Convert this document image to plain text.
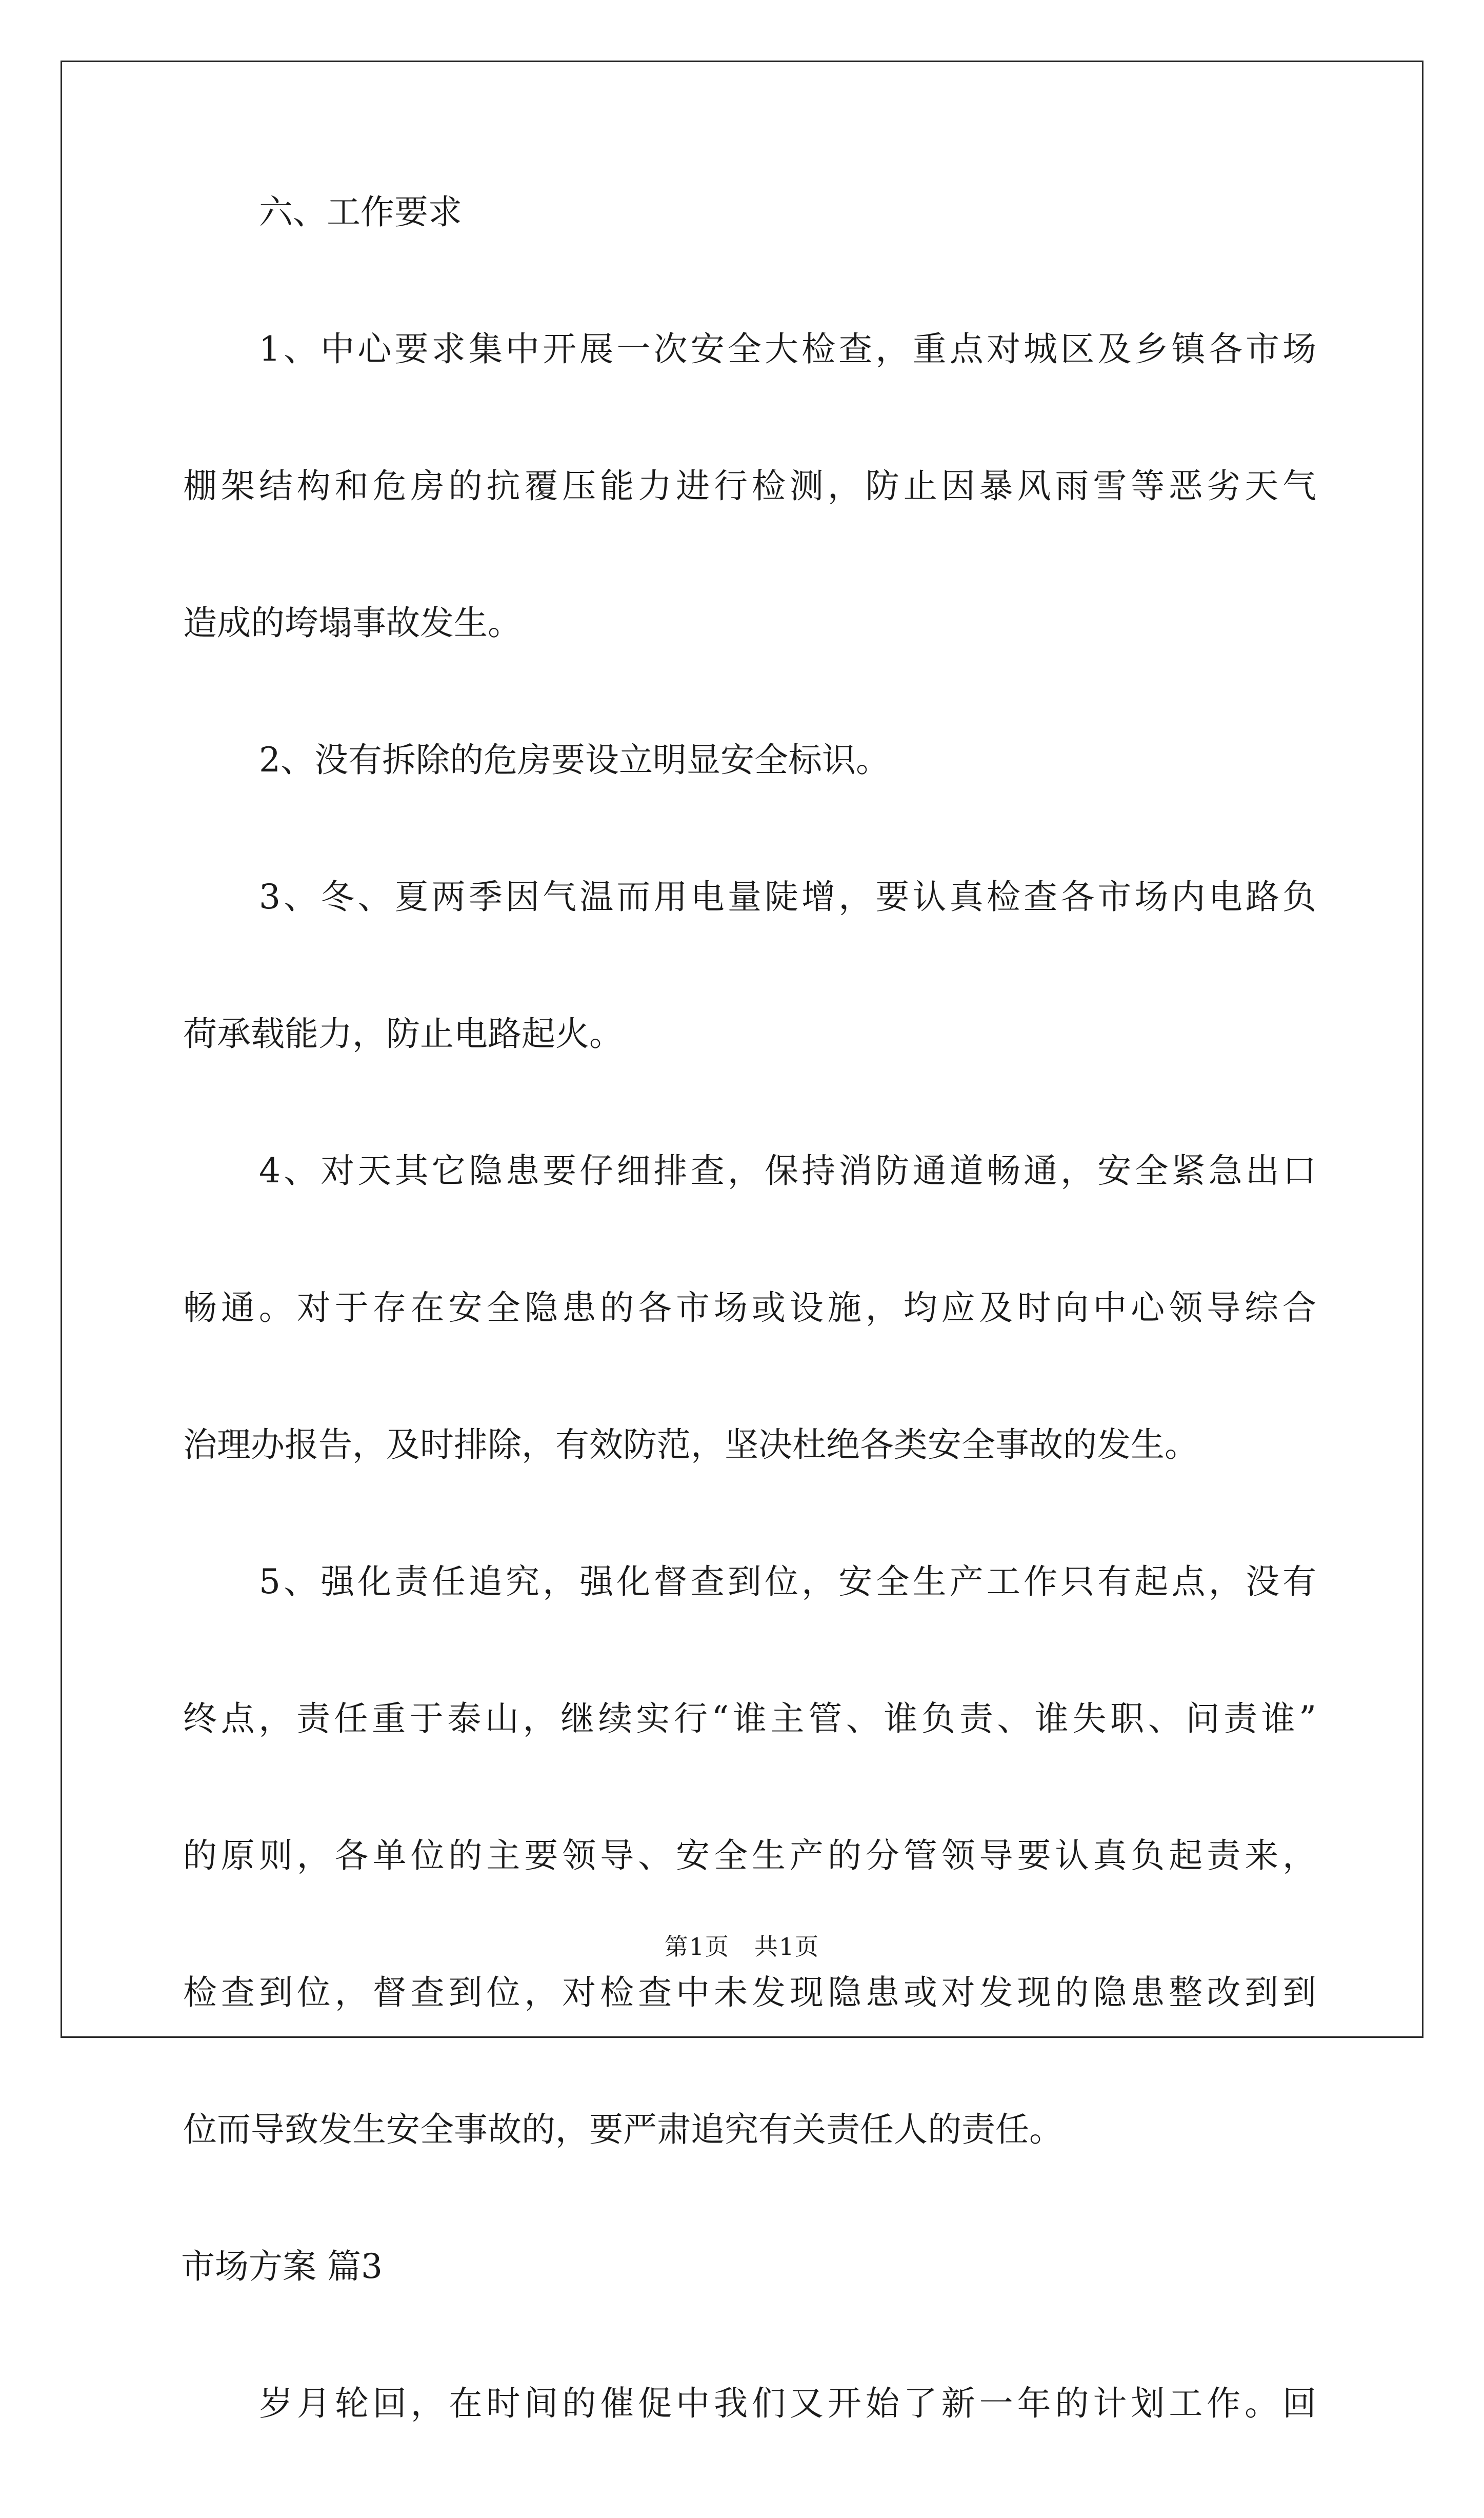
六、工作要求
1、中心要求集中开展一次安全大检查，重点对城区及乡镇各市场
棚架结构和危房的抗覆压能力进行检测，防止因暴风雨雪等恶劣天气
造成的垮塌事故发生。
2、没有拆除的危房要设立明显安全标识。
3、冬、夏两季因气温而用电量陡增，要认真检查各市场内电路负
荷承载能力，防止电路起火。
4、对天其它隐患要仔细排查，保持消防通道畅通，安全紧急出口
畅通。对于存在安全隐患的各市场或设施，均应及时向中心领导综合
治理办报告，及时排除，有效防范，坚决杜绝各类安全事故的发生。
5、强化责任追究，强化督查到位，安全生产工作只有起点，没有
终点，责任重于泰山，继续实行“谁主管、谁负责、谁失职、问责谁”
的原则，各单位的主要领导、安全生产的分管领导要认真负起责来，
检查到位，督查到位，对检查中未发现隐患或对发现的隐患整改到到
位而导致发生安全事故的，要严肃追究有关责任人的责任。
市场方案 篇3
岁月轮回，在时间的催促中我们又开始了新一年的计划工作。回
第1页　共1页
